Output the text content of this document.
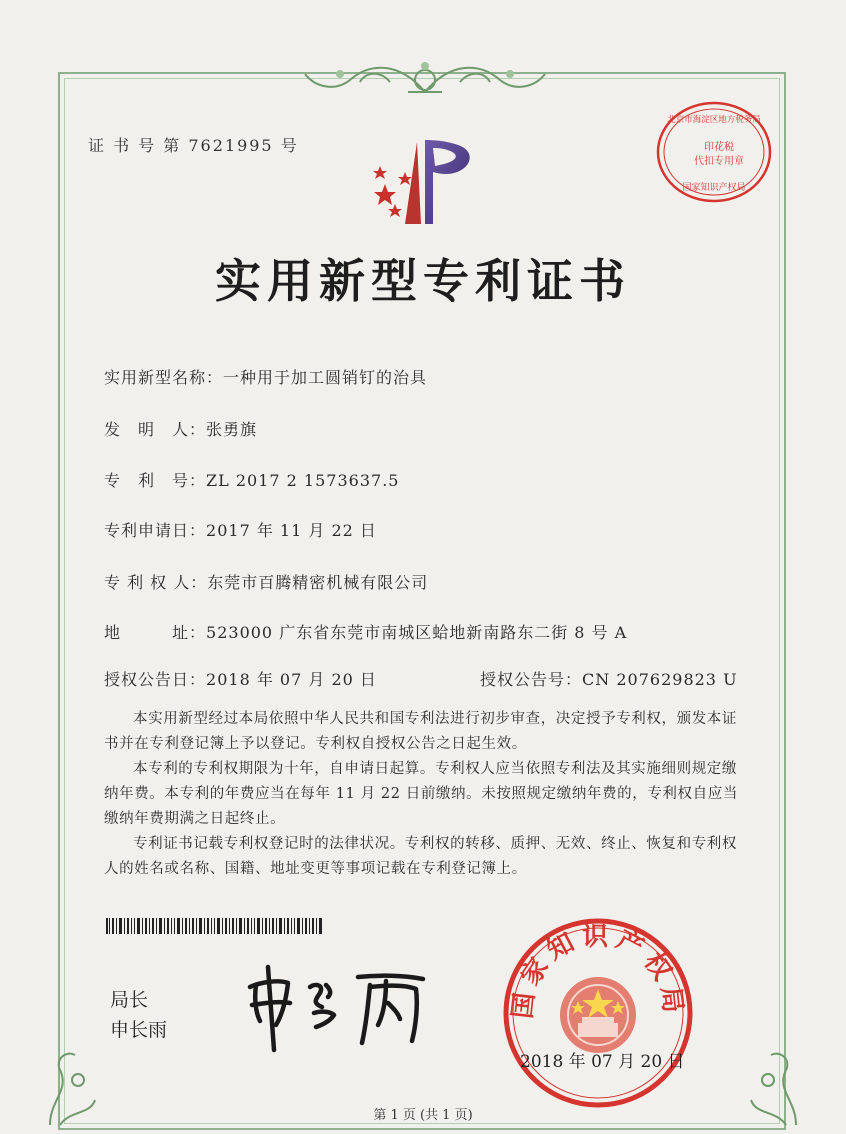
证 书 号 第 7621995 号
北京市海淀区地方税务局
印花税
代扣专用章
国家知识产权局
实用新型专利证书
实用新型名称：一种用于加工圆销钉的治具
发　明　人：张勇旗
专　利　号：ZL 2017 2 1573637.5
专利申请日：2017 年 11 月 22 日
专 利 权 人：东莞市百腾精密机械有限公司
地　　　址：523000 广东省东莞市南城区蛤地新南路东二街 8 号 A
授权公告日：2018 年 07 月 20 日	授权公告号：CN 207629823 U
本实用新型经过本局依照中华人民共和国专利法进行初步审查，决定授予专利权，颁发本证书并在专利登记簿上予以登记。专利权自授权公告之日起生效。
本专利的专利权期限为十年，自申请日起算。专利权人应当依照专利法及其实施细则规定缴纳年费。本专利的年费应当在每年 11 月 22 日前缴纳。未按照规定缴纳年费的，专利权自应当缴纳年费期满之日起终止。
专利证书记载专利权登记时的法律状况。专利权的转移、质押、无效、终止、恢复和专利权人的姓名或名称、国籍、地址变更等事项记载在专利登记簿上。
局长
申长雨
国家知识产权局
2018 年 07 月 20 日
第 1 页 (共 1 页)
